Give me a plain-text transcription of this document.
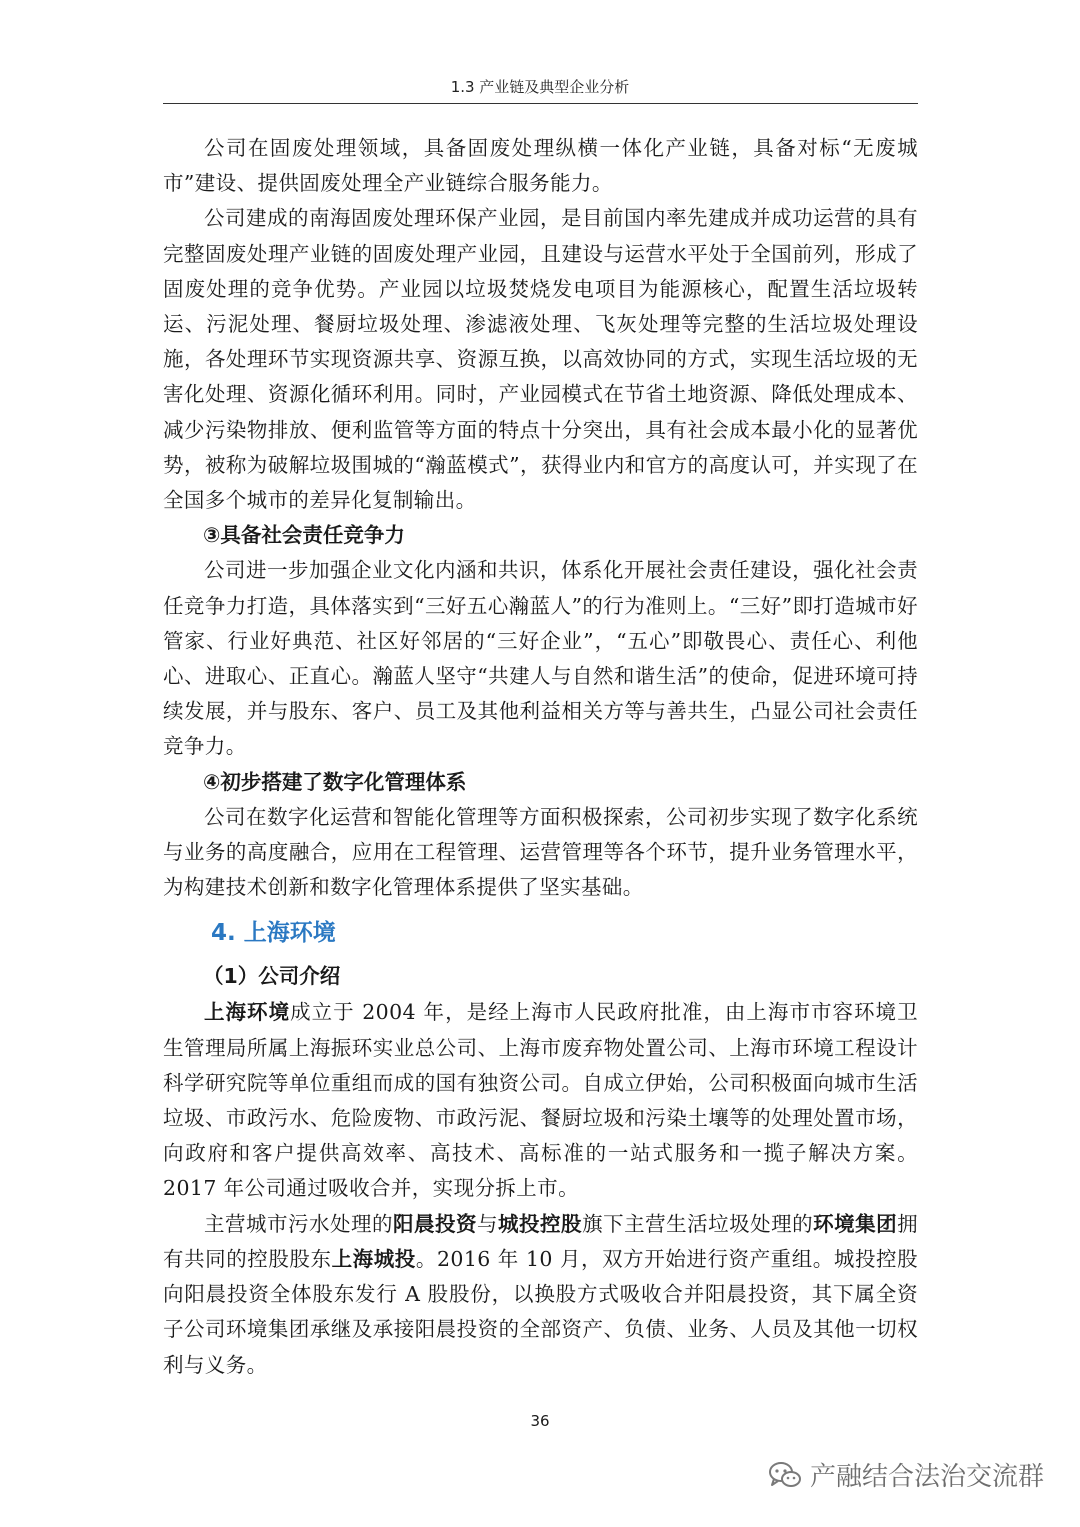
1.3 产业链及典型企业分析

公司在固废处理领域，具备固废处理纵横一体化产业链，具备对标“无废城市”建设、提供固废处理全产业链综合服务能力。

公司建成的南海固废处理环保产业园，是目前国内率先建成并成功运营的具有完整固废处理产业链的固废处理产业园，且建设与运营水平处于全国前列，形成了固废处理的竞争优势。产业园以垃圾焚烧发电项目为能源核心，配置生活垃圾转运、污泥处理、餐厨垃圾处理、渗滤液处理、飞灰处理等完整的生活垃圾处理设施，各处理环节实现资源共享、资源互换，以高效协同的方式，实现生活垃圾的无害化处理、资源化循环利用。同时，产业园模式在节省土地资源、降低处理成本、减少污染物排放、便利监管等方面的特点十分突出，具有社会成本最小化的显著优势，被称为破解垃圾围城的“瀚蓝模式”，获得业内和官方的高度认可，并实现了在全国多个城市的差异化复制输出。

③具备社会责任竞争力

公司进一步加强企业文化内涵和共识，体系化开展社会责任建设，强化社会责任竞争力打造，具体落实到“三好五心瀚蓝人”的行为准则上。“三好”即打造城市好管家、行业好典范、社区好邻居的“三好企业”，“五心”即敬畏心、责任心、利他心、进取心、正直心。瀚蓝人坚守“共建人与自然和谐生活”的使命，促进环境可持续发展，并与股东、客户、员工及其他利益相关方等与善共生，凸显公司社会责任竞争力。

④初步搭建了数字化管理体系

公司在数字化运营和智能化管理等方面积极探索，公司初步实现了数字化系统与业务的高度融合，应用在工程管理、运营管理等各个环节，提升业务管理水平，为构建技术创新和数字化管理体系提供了坚实基础。

4. 上海环境
（1）公司介绍

上海环境成立于 2004 年，是经上海市人民政府批准，由上海市市容环境卫生管理局所属上海振环实业总公司、上海市废弃物处置公司、上海市环境工程设计科学研究院等单位重组而成的国有独资公司。自成立伊始，公司积极面向城市生活垃圾、市政污水、危险废物、市政污泥、餐厨垃圾和污染土壤等的处理处置市场，向政府和客户提供高效率、高技术、高标准的一站式服务和一揽子解决方案。 2017 年公司通过吸收合并，实现分拆上市。

主营城市污水处理的阳晨投资与城投控股旗下主营生活垃圾处理的环境集团拥有共同的控股股东上海城投。2016 年 10 月，双方开始进行资产重组。城投控股向阳晨投资全体股东发行 A 股股份，以换股方式吸收合并阳晨投资，其下属全资子公司环境集团承继及承接阳晨投资的全部资产、负债、业务、人员及其他一切权利与义务。

36
产融结合法治交流群
